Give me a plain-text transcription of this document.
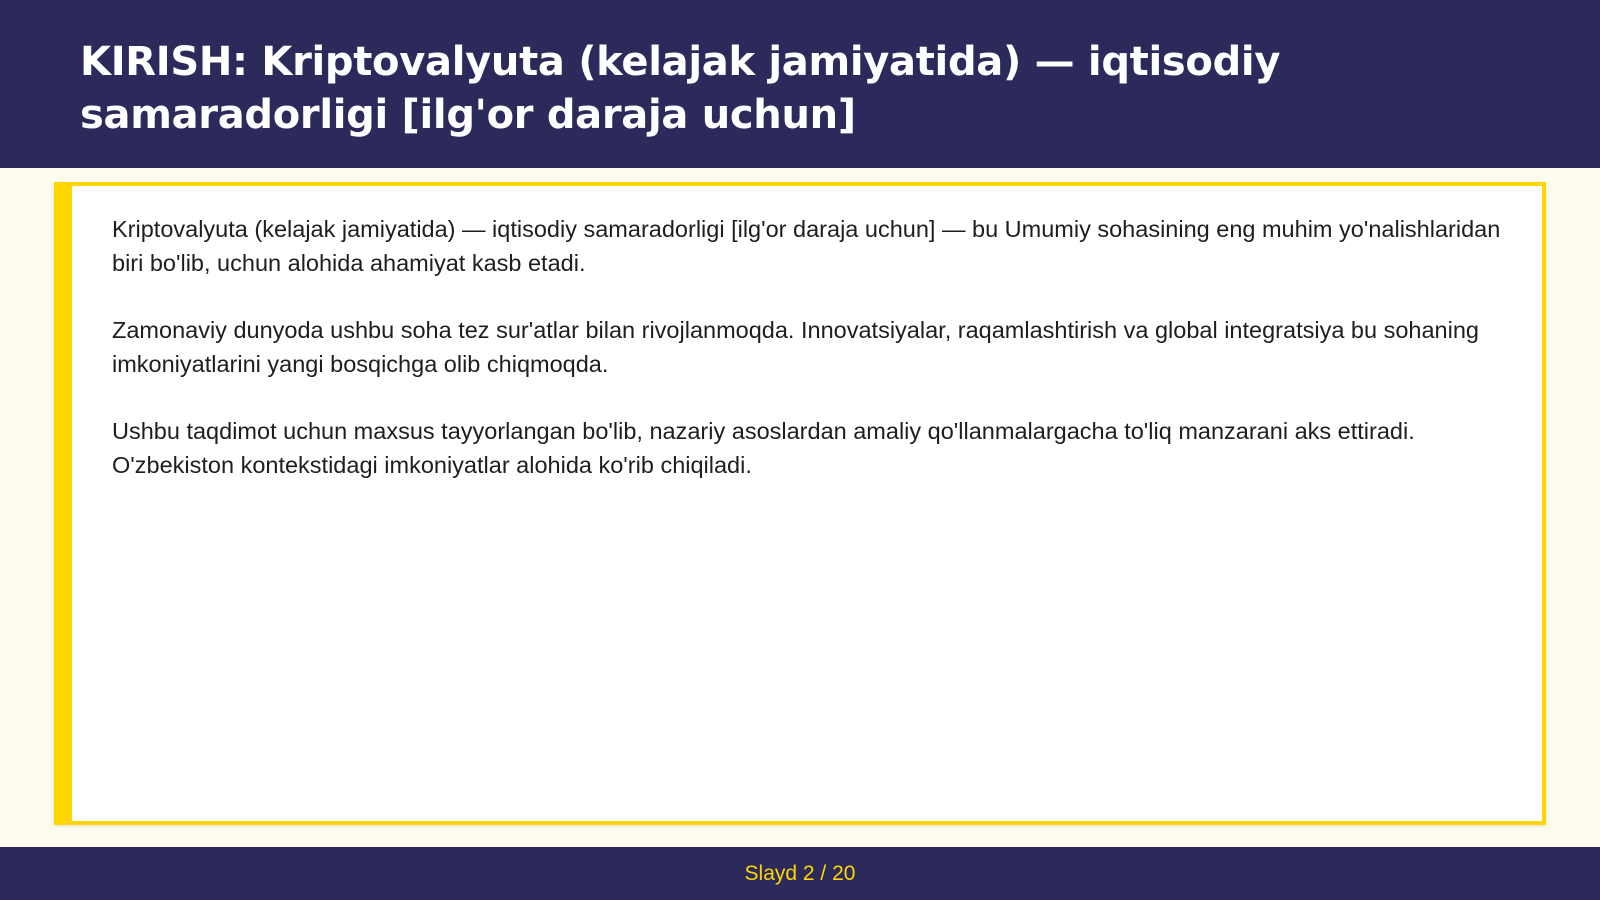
KIRISH: Kriptovalyuta (kelajak jamiyatida) — iqtisodiy samaradorligi [ilg'or daraja uchun]

Kriptovalyuta (kelajak jamiyatida) — iqtisodiy samaradorligi [ilg'or daraja uchun] — bu Umumiy sohasining eng muhim yo'nalishlaridan biri bo'lib, uchun alohida ahamiyat kasb etadi.

Zamonaviy dunyoda ushbu soha tez sur'atlar bilan rivojlanmoqda. Innovatsiyalar, raqamlashtirish va global integratsiya bu sohaning imkoniyatlarini yangi bosqichga olib chiqmoqda.

Ushbu taqdimot uchun maxsus tayyorlangan bo'lib, nazariy asoslardan amaliy qo'llanmalargacha to'liq manzarani aks ettiradi. O'zbekiston kontekstidagi imkoniyatlar alohida ko'rib chiqiladi.

Slayd 2 / 20
